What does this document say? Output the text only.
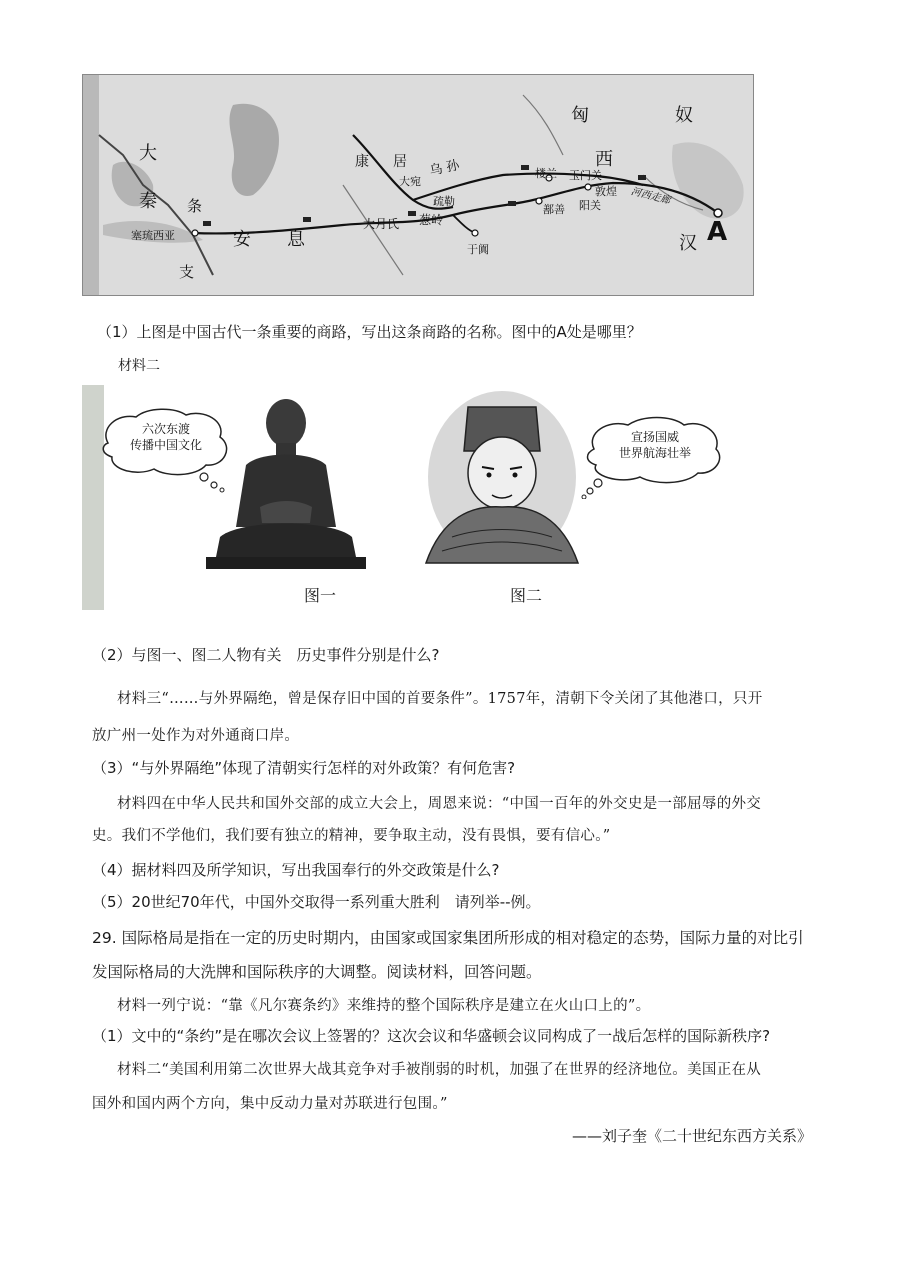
匈	奴
大
秦 条
安 息
支
康 居 乌 孙
大宛
大月氏
疏勒
葱岭
于阗
楼兰 玉门关
敦煌
阳关
鄯善
河西走廊
西
汉
塞琉西亚	A
（1）上图是中国古代一条重要的商路，写出这条商路的名称。图中的A处是哪里？
材料二
六次东渡
传播中国文化
宣扬国威
世界航海壮举
图一	图二
（2）与图一、图二人物有关　历史事件分别是什么?
材料三“……与外界隔绝，曾是保存旧中国的首要条件”。1757年，清朝下令关闭了其他港口，只开
放广州一处作为对外通商口岸。
（3）“与外界隔绝”体现了清朝实行怎样的对外政策？有何危害?
材料四在中华人民共和国外交部的成立大会上，周恩来说：“中国一百年的外交史是一部屈辱的外交
史。我们不学他们，我们要有独立的精神，要争取主动，没有畏惧，要有信心。”
（4）据材料四及所学知识，写出我国奉行的外交政策是什么?
（5）20世纪70年代，中国外交取得一系列重大胜利　请列举--例。
29. 国际格局是指在一定的历史时期内，由国家或国家集团所形成的相对稳定的态势，国际力量的对比引
发国际格局的大洗牌和国际秩序的大调整。阅读材料，回答问题。
材料一列宁说：“靠《凡尔赛条约》来维持的整个国际秩序是建立在火山口上的”。
（1）文中的“条约”是在哪次会议上签署的？这次会议和华盛顿会议同构成了一战后怎样的国际新秩序?
材料二“美国利用第二次世界大战其竞争对手被削弱的时机，加强了在世界的经济地位。美国正在从
国外和国内两个方向，集中反动力量对苏联进行包围。”
——刘子奎《二十世纪东西方关系》
